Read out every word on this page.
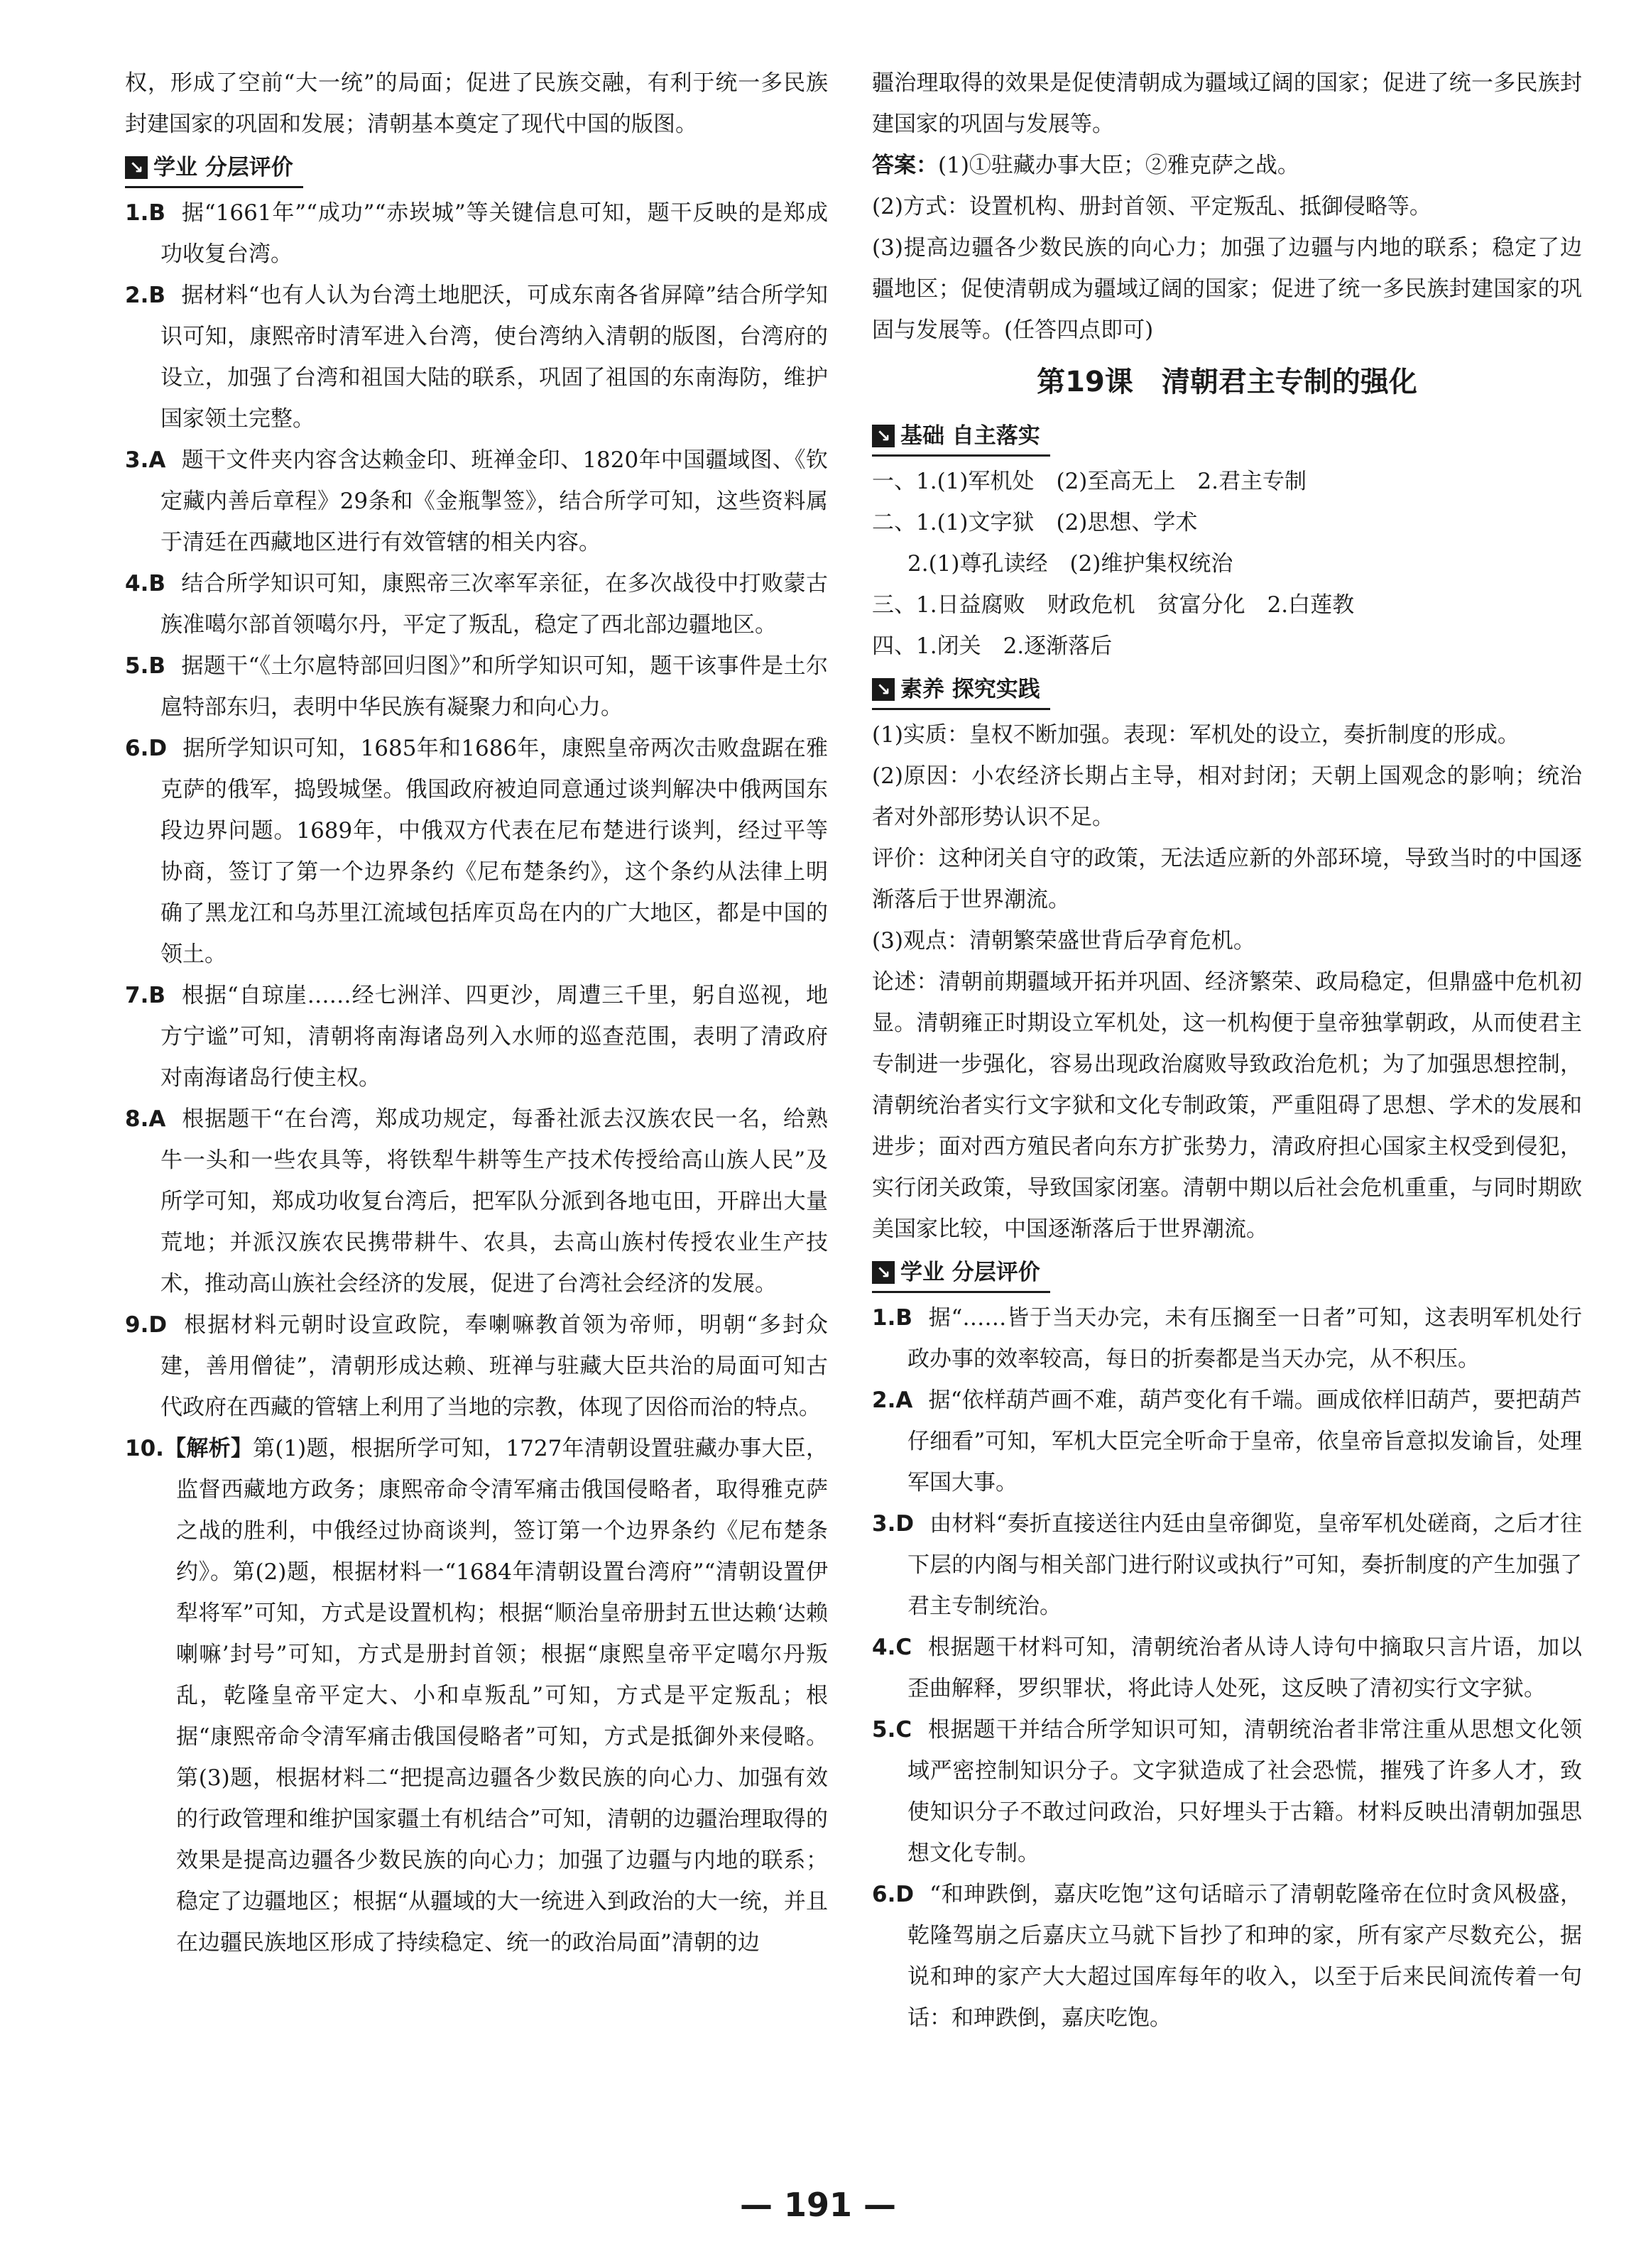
权，形成了空前“大一统”的局面；促进了民族交融，有利于统一多民族封建国家的巩固和发展；清朝基本奠定了现代中国的版图。

↘ 学业 分层评价

1.B 据“1661年”“成功”“赤崁城”等关键信息可知，题干反映的是郑成功收复台湾。

2.B 据材料“也有人认为台湾土地肥沃，可成东南各省屏障”结合所学知识可知，康熙帝时清军进入台湾，使台湾纳入清朝的版图，台湾府的设立，加强了台湾和祖国大陆的联系，巩固了祖国的东南海防，维护国家领土完整。

3.A 题干文件夹内容含达赖金印、班禅金印、1820年中国疆域图、《钦定藏内善后章程》29条和《金瓶掣签》，结合所学可知，这些资料属于清廷在西藏地区进行有效管辖的相关内容。

4.B 结合所学知识可知，康熙帝三次率军亲征，在多次战役中打败蒙古族准噶尔部首领噶尔丹，平定了叛乱，稳定了西北部边疆地区。

5.B 据题干“《土尔扈特部回归图》”和所学知识可知，题干该事件是土尔扈特部东归，表明中华民族有凝聚力和向心力。

6.D 据所学知识可知，1685年和1686年，康熙皇帝两次击败盘踞在雅克萨的俄军，捣毁城堡。俄国政府被迫同意通过谈判解决中俄两国东段边界问题。1689年，中俄双方代表在尼布楚进行谈判，经过平等协商，签订了第一个边界条约《尼布楚条约》，这个条约从法律上明确了黑龙江和乌苏里江流域包括库页岛在内的广大地区，都是中国的领土。

7.B 根据“自琼崖……经七洲洋、四更沙，周遭三千里，躬自巡视，地方宁谧”可知，清朝将南海诸岛列入水师的巡查范围，表明了清政府对南海诸岛行使主权。

8.A 根据题干“在台湾，郑成功规定，每番社派去汉族农民一名，给熟牛一头和一些农具等，将铁犁牛耕等生产技术传授给高山族人民”及所学可知，郑成功收复台湾后，把军队分派到各地屯田，开辟出大量荒地；并派汉族农民携带耕牛、农具，去高山族村传授农业生产技术，推动高山族社会经济的发展，促进了台湾社会经济的发展。

9.D 根据材料元朝时设宣政院，奉喇嘛教首领为帝师，明朝“多封众建，善用僧徒”，清朝形成达赖、班禅与驻藏大臣共治的局面可知古代政府在西藏的管辖上利用了当地的宗教，体现了因俗而治的特点。

10.【解析】第(1)题，根据所学可知，1727年清朝设置驻藏办事大臣，监督西藏地方政务；康熙帝命令清军痛击俄国侵略者，取得雅克萨之战的胜利，中俄经过协商谈判，签订第一个边界条约《尼布楚条约》。第(2)题，根据材料一“1684年清朝设置台湾府”“清朝设置伊犁将军”可知，方式是设置机构；根据“顺治皇帝册封五世达赖‘达赖喇嘛’封号”可知，方式是册封首领；根据“康熙皇帝平定噶尔丹叛乱，乾隆皇帝平定大、小和卓叛乱”可知，方式是平定叛乱；根据“康熙帝命令清军痛击俄国侵略者”可知，方式是抵御外来侵略。第(3)题，根据材料二“把提高边疆各少数民族的向心力、加强有效的行政管理和维护国家疆土有机结合”可知，清朝的边疆治理取得的效果是提高边疆各少数民族的向心力；加强了边疆与内地的联系；稳定了边疆地区；根据“从疆域的大一统进入到政治的大一统，并且在边疆民族地区形成了持续稳定、统一的政治局面”清朝的边

疆治理取得的效果是促使清朝成为疆域辽阔的国家；促进了统一多民族封建国家的巩固与发展等。

答案：(1)①驻藏办事大臣；②雅克萨之战。

(2)方式：设置机构、册封首领、平定叛乱、抵御侵略等。

(3)提高边疆各少数民族的向心力；加强了边疆与内地的联系；稳定了边疆地区；促使清朝成为疆域辽阔的国家；促进了统一多民族封建国家的巩固与发展等。(任答四点即可)

第19课　清朝君主专制的强化
↘ 基础 自主落实

一、1.(1)军机处　(2)至高无上　2.君主专制

二、1.(1)文字狱　(2)思想、学术

2.(1)尊孔读经　(2)维护集权统治

三、1.日益腐败　财政危机　贫富分化　2.白莲教

四、1.闭关　2.逐渐落后

↘ 素养 探究实践

(1)实质：皇权不断加强。表现：军机处的设立，奏折制度的形成。

(2)原因：小农经济长期占主导，相对封闭；天朝上国观念的影响；统治者对外部形势认识不足。

评价：这种闭关自守的政策，无法适应新的外部环境，导致当时的中国逐渐落后于世界潮流。

(3)观点：清朝繁荣盛世背后孕育危机。

论述：清朝前期疆域开拓并巩固、经济繁荣、政局稳定，但鼎盛中危机初显。清朝雍正时期设立军机处，这一机构便于皇帝独掌朝政，从而使君主专制进一步强化，容易出现政治腐败导致政治危机；为了加强思想控制，清朝统治者实行文字狱和文化专制政策，严重阻碍了思想、学术的发展和进步；面对西方殖民者向东方扩张势力，清政府担心国家主权受到侵犯，实行闭关政策，导致国家闭塞。清朝中期以后社会危机重重，与同时期欧美国家比较，中国逐渐落后于世界潮流。

↘ 学业 分层评价

1.B 据“……皆于当天办完，未有压搁至一日者”可知，这表明军机处行政办事的效率较高，每日的折奏都是当天办完，从不积压。

2.A 据“依样葫芦画不难，葫芦变化有千端。画成依样旧葫芦，要把葫芦仔细看”可知，军机大臣完全听命于皇帝，依皇帝旨意拟发谕旨，处理军国大事。

3.D 由材料“奏折直接送往内廷由皇帝御览，皇帝军机处磋商，之后才往下层的内阁与相关部门进行附议或执行”可知，奏折制度的产生加强了君主专制统治。

4.C 根据题干材料可知，清朝统治者从诗人诗句中摘取只言片语，加以歪曲解释，罗织罪状，将此诗人处死，这反映了清初实行文字狱。

5.C 根据题干并结合所学知识可知，清朝统治者非常注重从思想文化领域严密控制知识分子。文字狱造成了社会恐慌，摧残了许多人才，致使知识分子不敢过问政治，只好埋头于古籍。材料反映出清朝加强思想文化专制。

6.D “和珅跌倒，嘉庆吃饱”这句话暗示了清朝乾隆帝在位时贪风极盛，乾隆驾崩之后嘉庆立马就下旨抄了和珅的家，所有家产尽数充公，据说和珅的家产大大超过国库每年的收入，以至于后来民间流传着一句话：和珅跌倒，嘉庆吃饱。

— 191 —
